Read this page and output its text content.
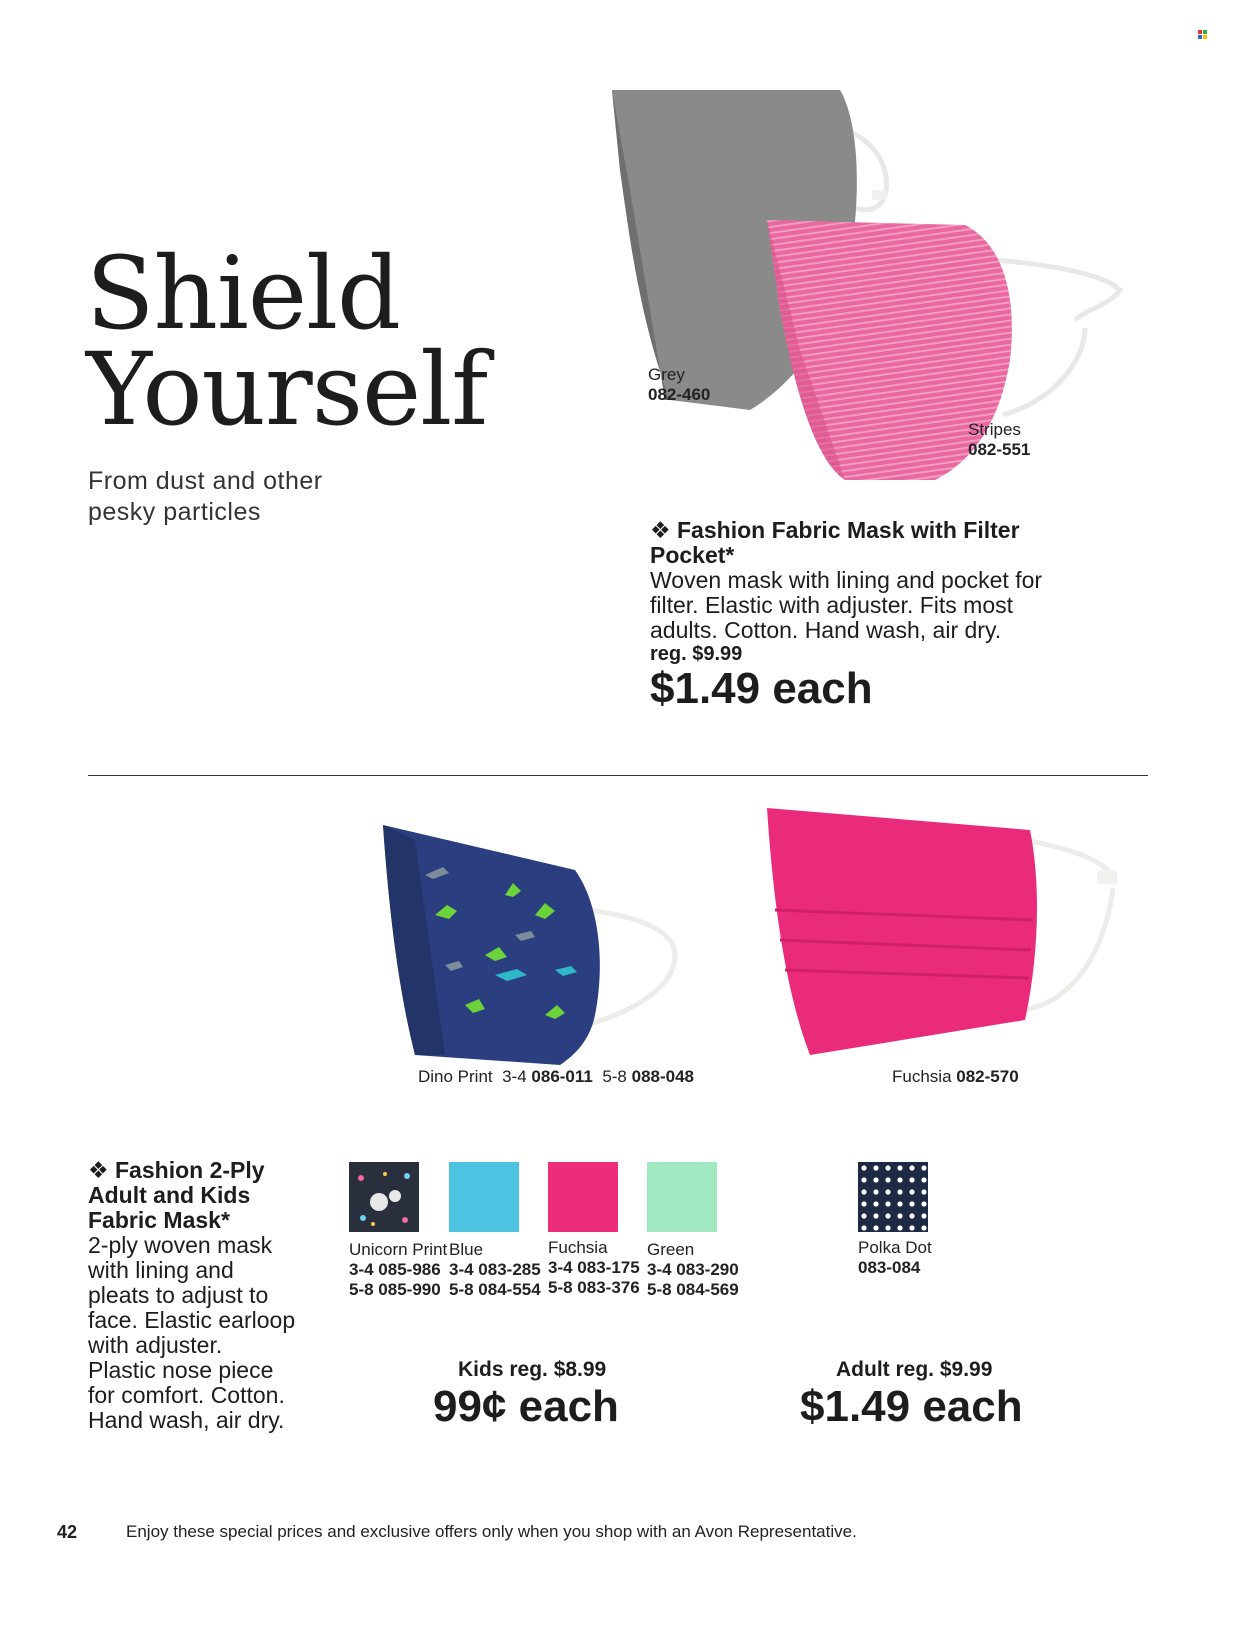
Shield
Yourself
From dust and other
pesky particles
Grey
082-460
Stripes
082-551
❖ Fashion Fabric Mask with Filter
Pocket*
Woven mask with lining and pocket for
filter. Elastic with adjuster. Fits most
adults. Cotton. Hand wash, air dry.
reg. $9.99
$1.49 each
Dino Print 3-4 086-011 5-8 088-048	Fuchsia 082-570
❖ Fashion 2-Ply
Adult and Kids
Fabric Mask*
2-ply woven mask
with lining and
pleats to adjust to
face. Elastic earloop
with adjuster.
Plastic nose piece
for comfort. Cotton.
Hand wash, air dry.
Unicorn Print
3-4 085-986
5-8 085-990
Blue
3-4 083-285
5-8 084-554
Fuchsia
3-4 083-175
5-8 083-376
Green
3-4 083-290
5-8 084-569
Polka Dot
083-084
Kids reg. $8.99
99¢ each
Adult reg. $9.99
$1.49 each
42	Enjoy these special prices and exclusive offers only when you shop with an Avon Representative.
